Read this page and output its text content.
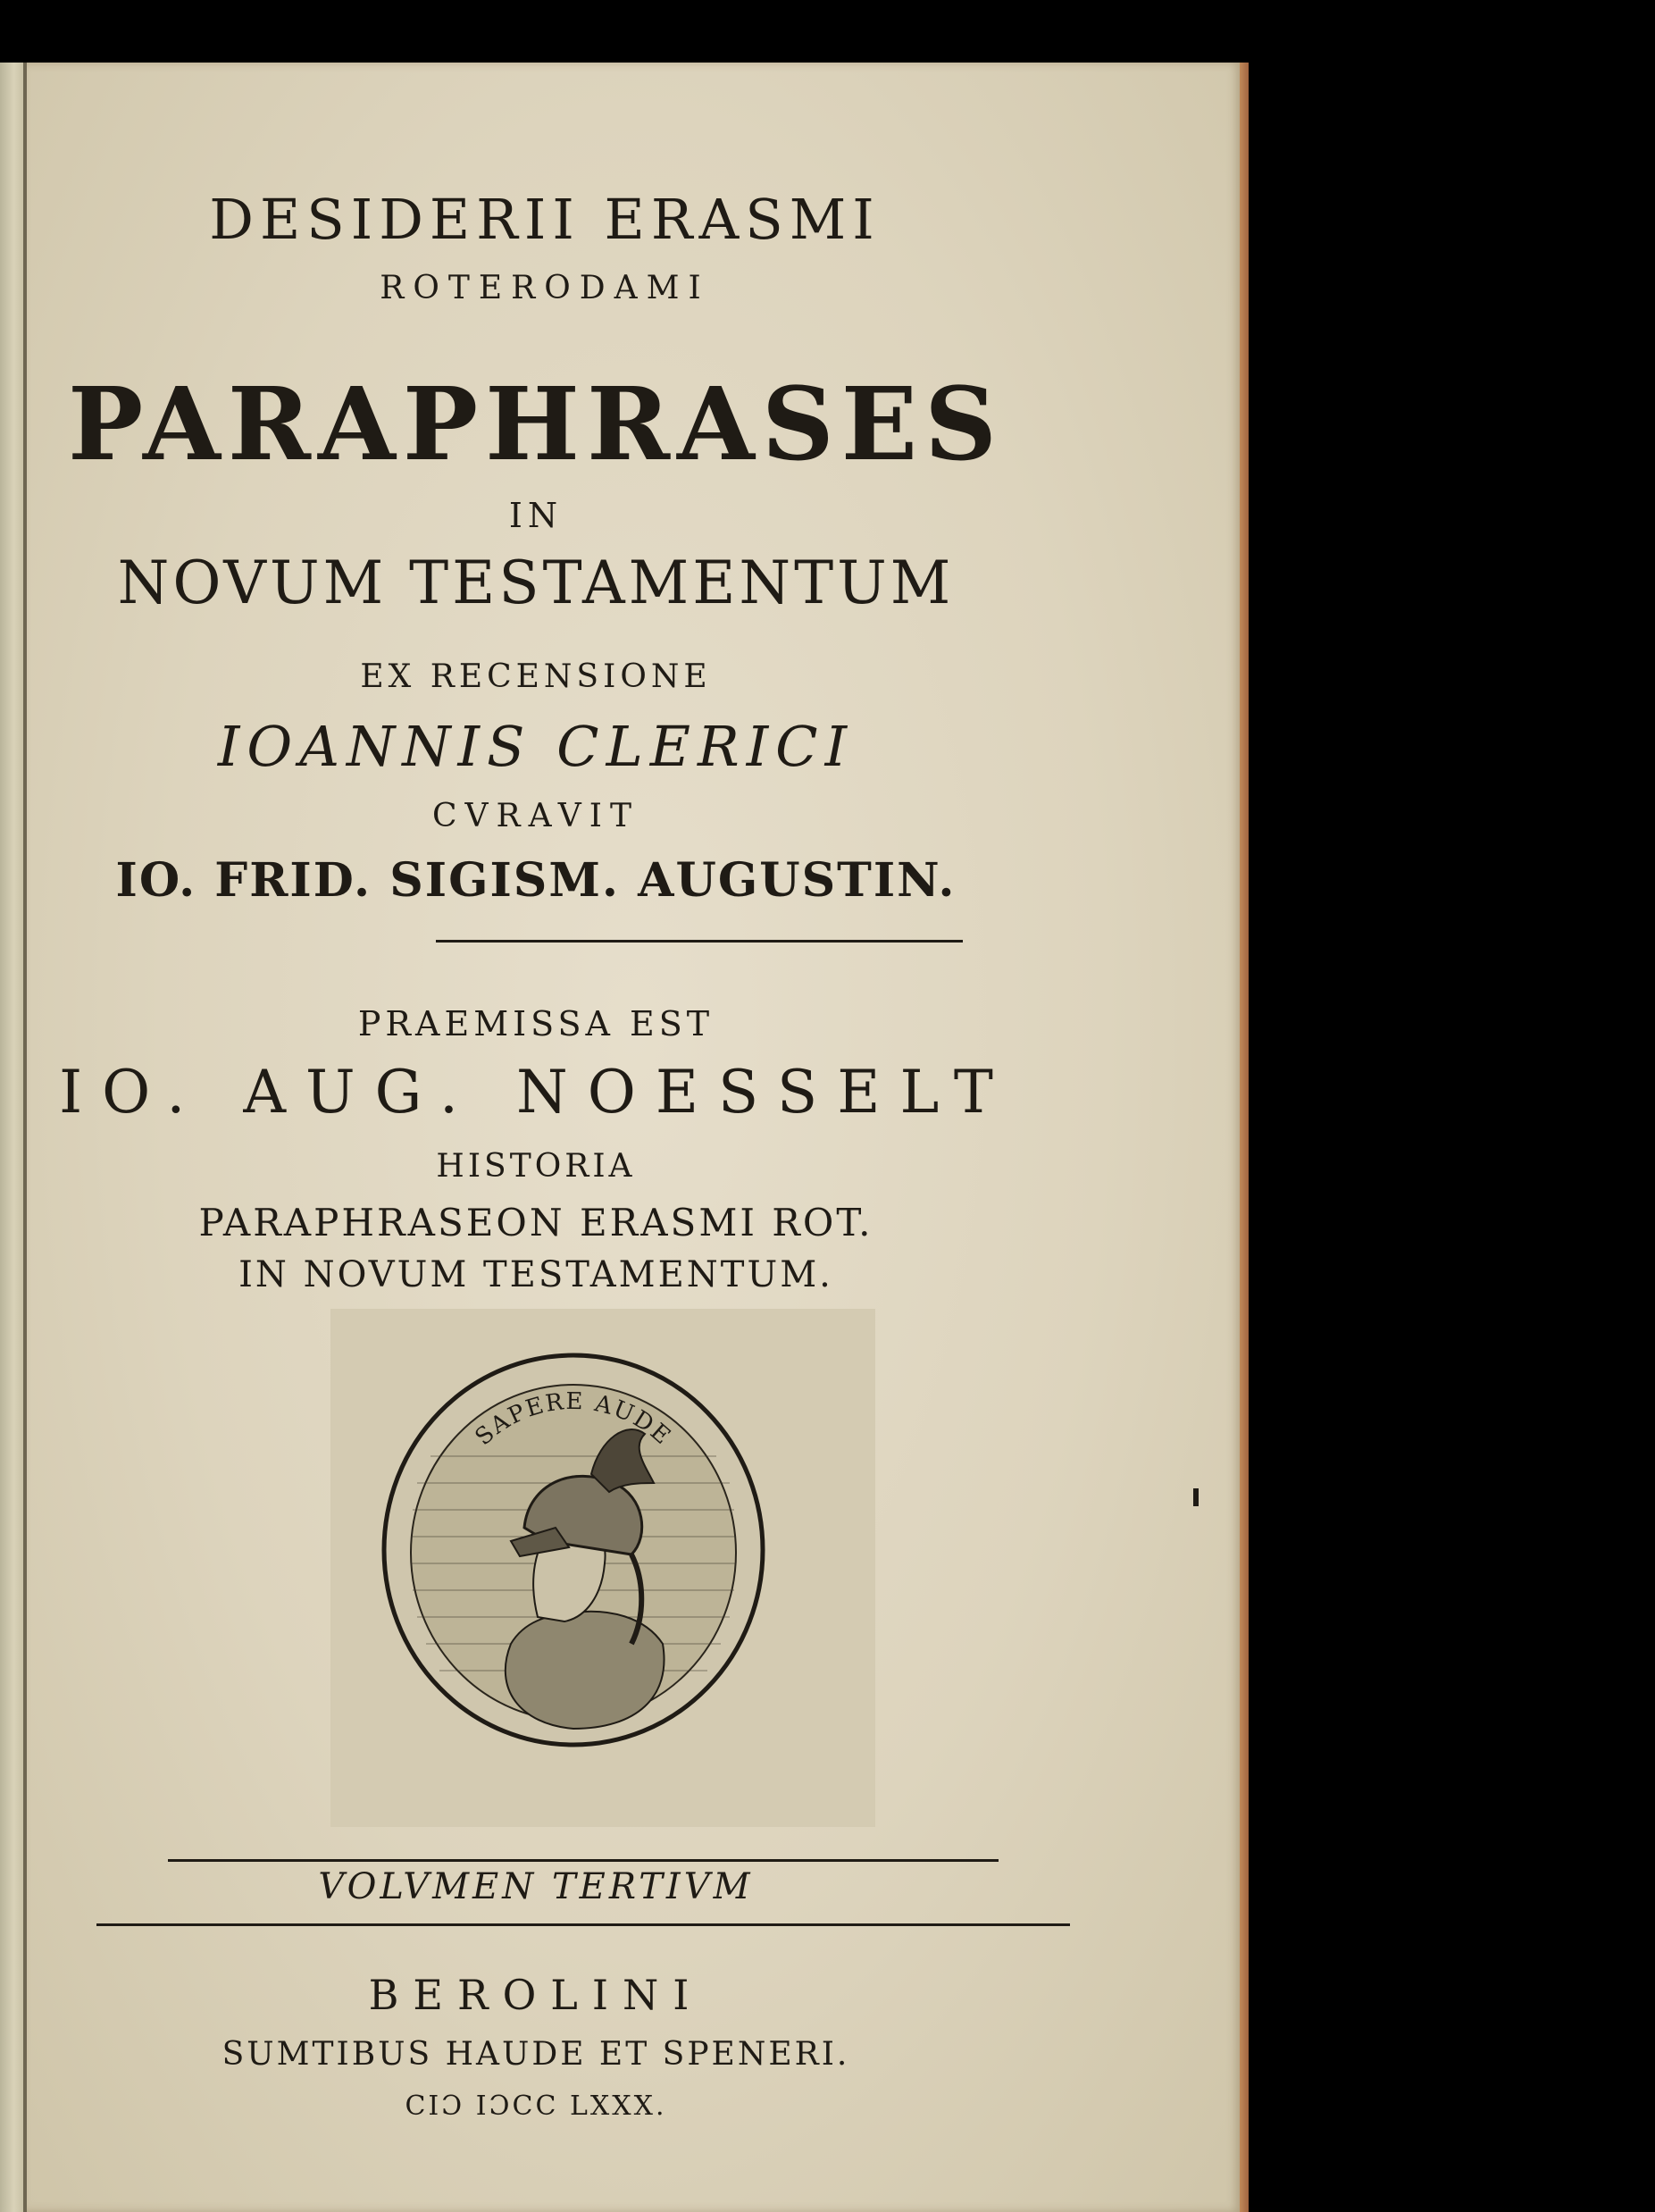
DESIDERII ERASMI
ROTERODAMI
PARAPHRASES
IN
NOVUM TESTAMENTUM
EX RECENSIONE
IOANNIS CLERICI
CVRAVIT
IO. FRID. SIGISM. AUGUSTIN.
PRAEMISSA EST
IO. AUG. NOESSELT
HISTORIA
PARAPHRASEON ERASMI ROT.
IN NOVUM TESTAMENTUM.
SAPERE AUDE
VOLVMEN TERTIVM
BEROLINI
SUMTIBUS HAUDE ET SPENERI.
CIƆ IƆCC LXXX.
